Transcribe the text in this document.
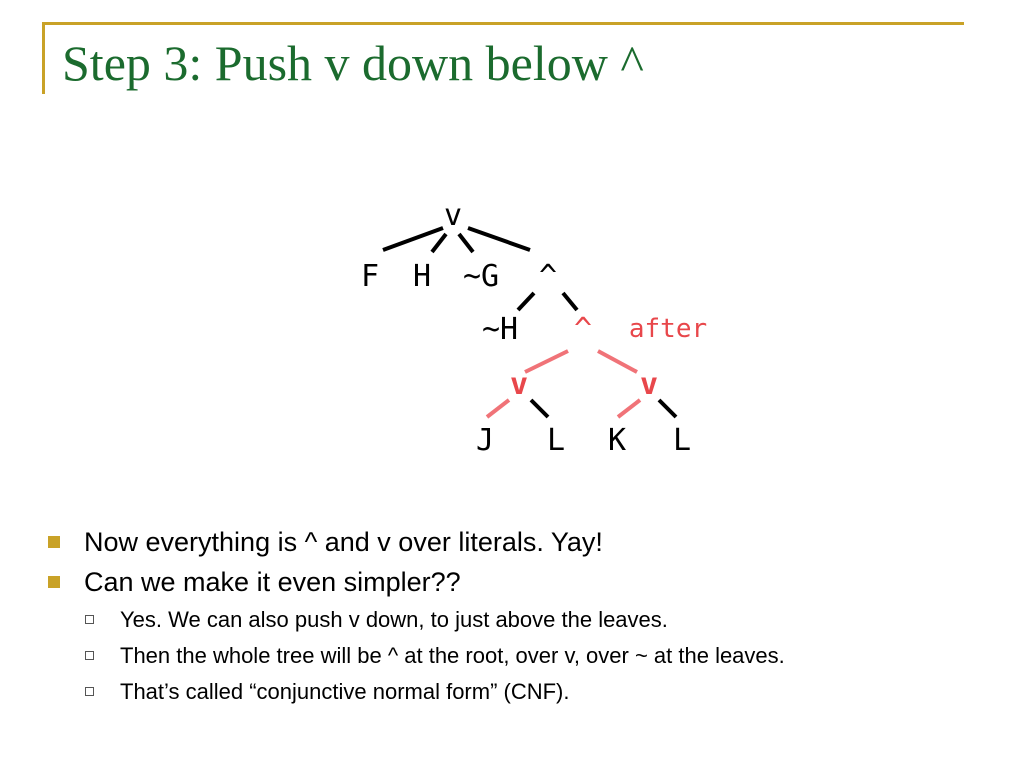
Step 3: Push v down below ^
v
F H ~G ^
~H ^ after
v	v
J L K L
Now everything is ^ and v over literals. Yay!
Can we make it even simpler??
Yes. We can also push v down, to just above the leaves.
Then the whole tree will be ^ at the root, over v, over ~ at the leaves.
That’s called “conjunctive normal form” (CNF).
